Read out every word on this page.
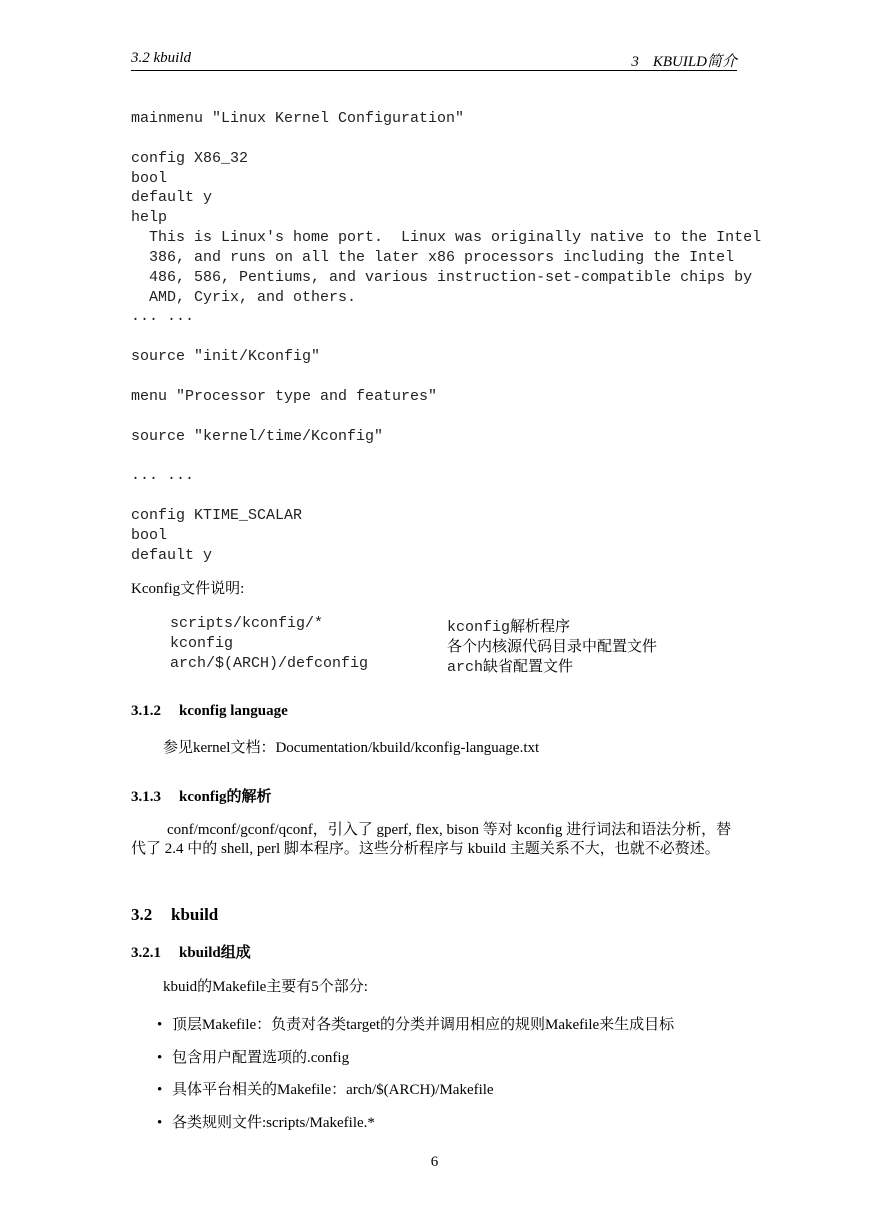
3.2 kbuild	3 KBUILD简介
mainmenu "Linux Kernel Configuration"
config X86_32
bool
default y
help
This is Linux's home port.  Linux was originally native to the Intel
386, and runs on all the later x86 processors including the Intel
486, 586, Pentiums, and various instruction-set-compatible chips by
AMD, Cyrix, and others.
... ...
source "init/Kconfig"
menu "Processor type and features"
source "kernel/time/Kconfig"
... ...
config KTIME_SCALAR
bool
default y
Kconfig文件说明:
scripts/kconfig/*	kconfig解析程序
kconfig	各个内核源代码目录中配置文件
arch/$(ARCH)/defconfig	arch缺省配置文件
3.1.2 kconfig language
参见kernel文档：Documentation/kbuild/kconfig-language.txt
3.1.3 kconfig的解析
conf/mconf/gconf/qconf，引入了 gperf, flex, bison 等对 kconfig 进行词法和语法分析，替代了 2.4 中的 shell, perl 脚本程序。这些分析程序与 kbuild 主题关系不大，也就不必赘述。
3.2 kbuild
3.2.1 kbuild组成
kbuid的Makefile主要有5个部分:
• 顶层Makefile：负责对各类target的分类并调用相应的规则Makefile来生成目标
• 包含用户配置选项的.config
• 具体平台相关的Makefile：arch/$(ARCH)/Makefile
• 各类规则文件:scripts/Makefile.*
6
